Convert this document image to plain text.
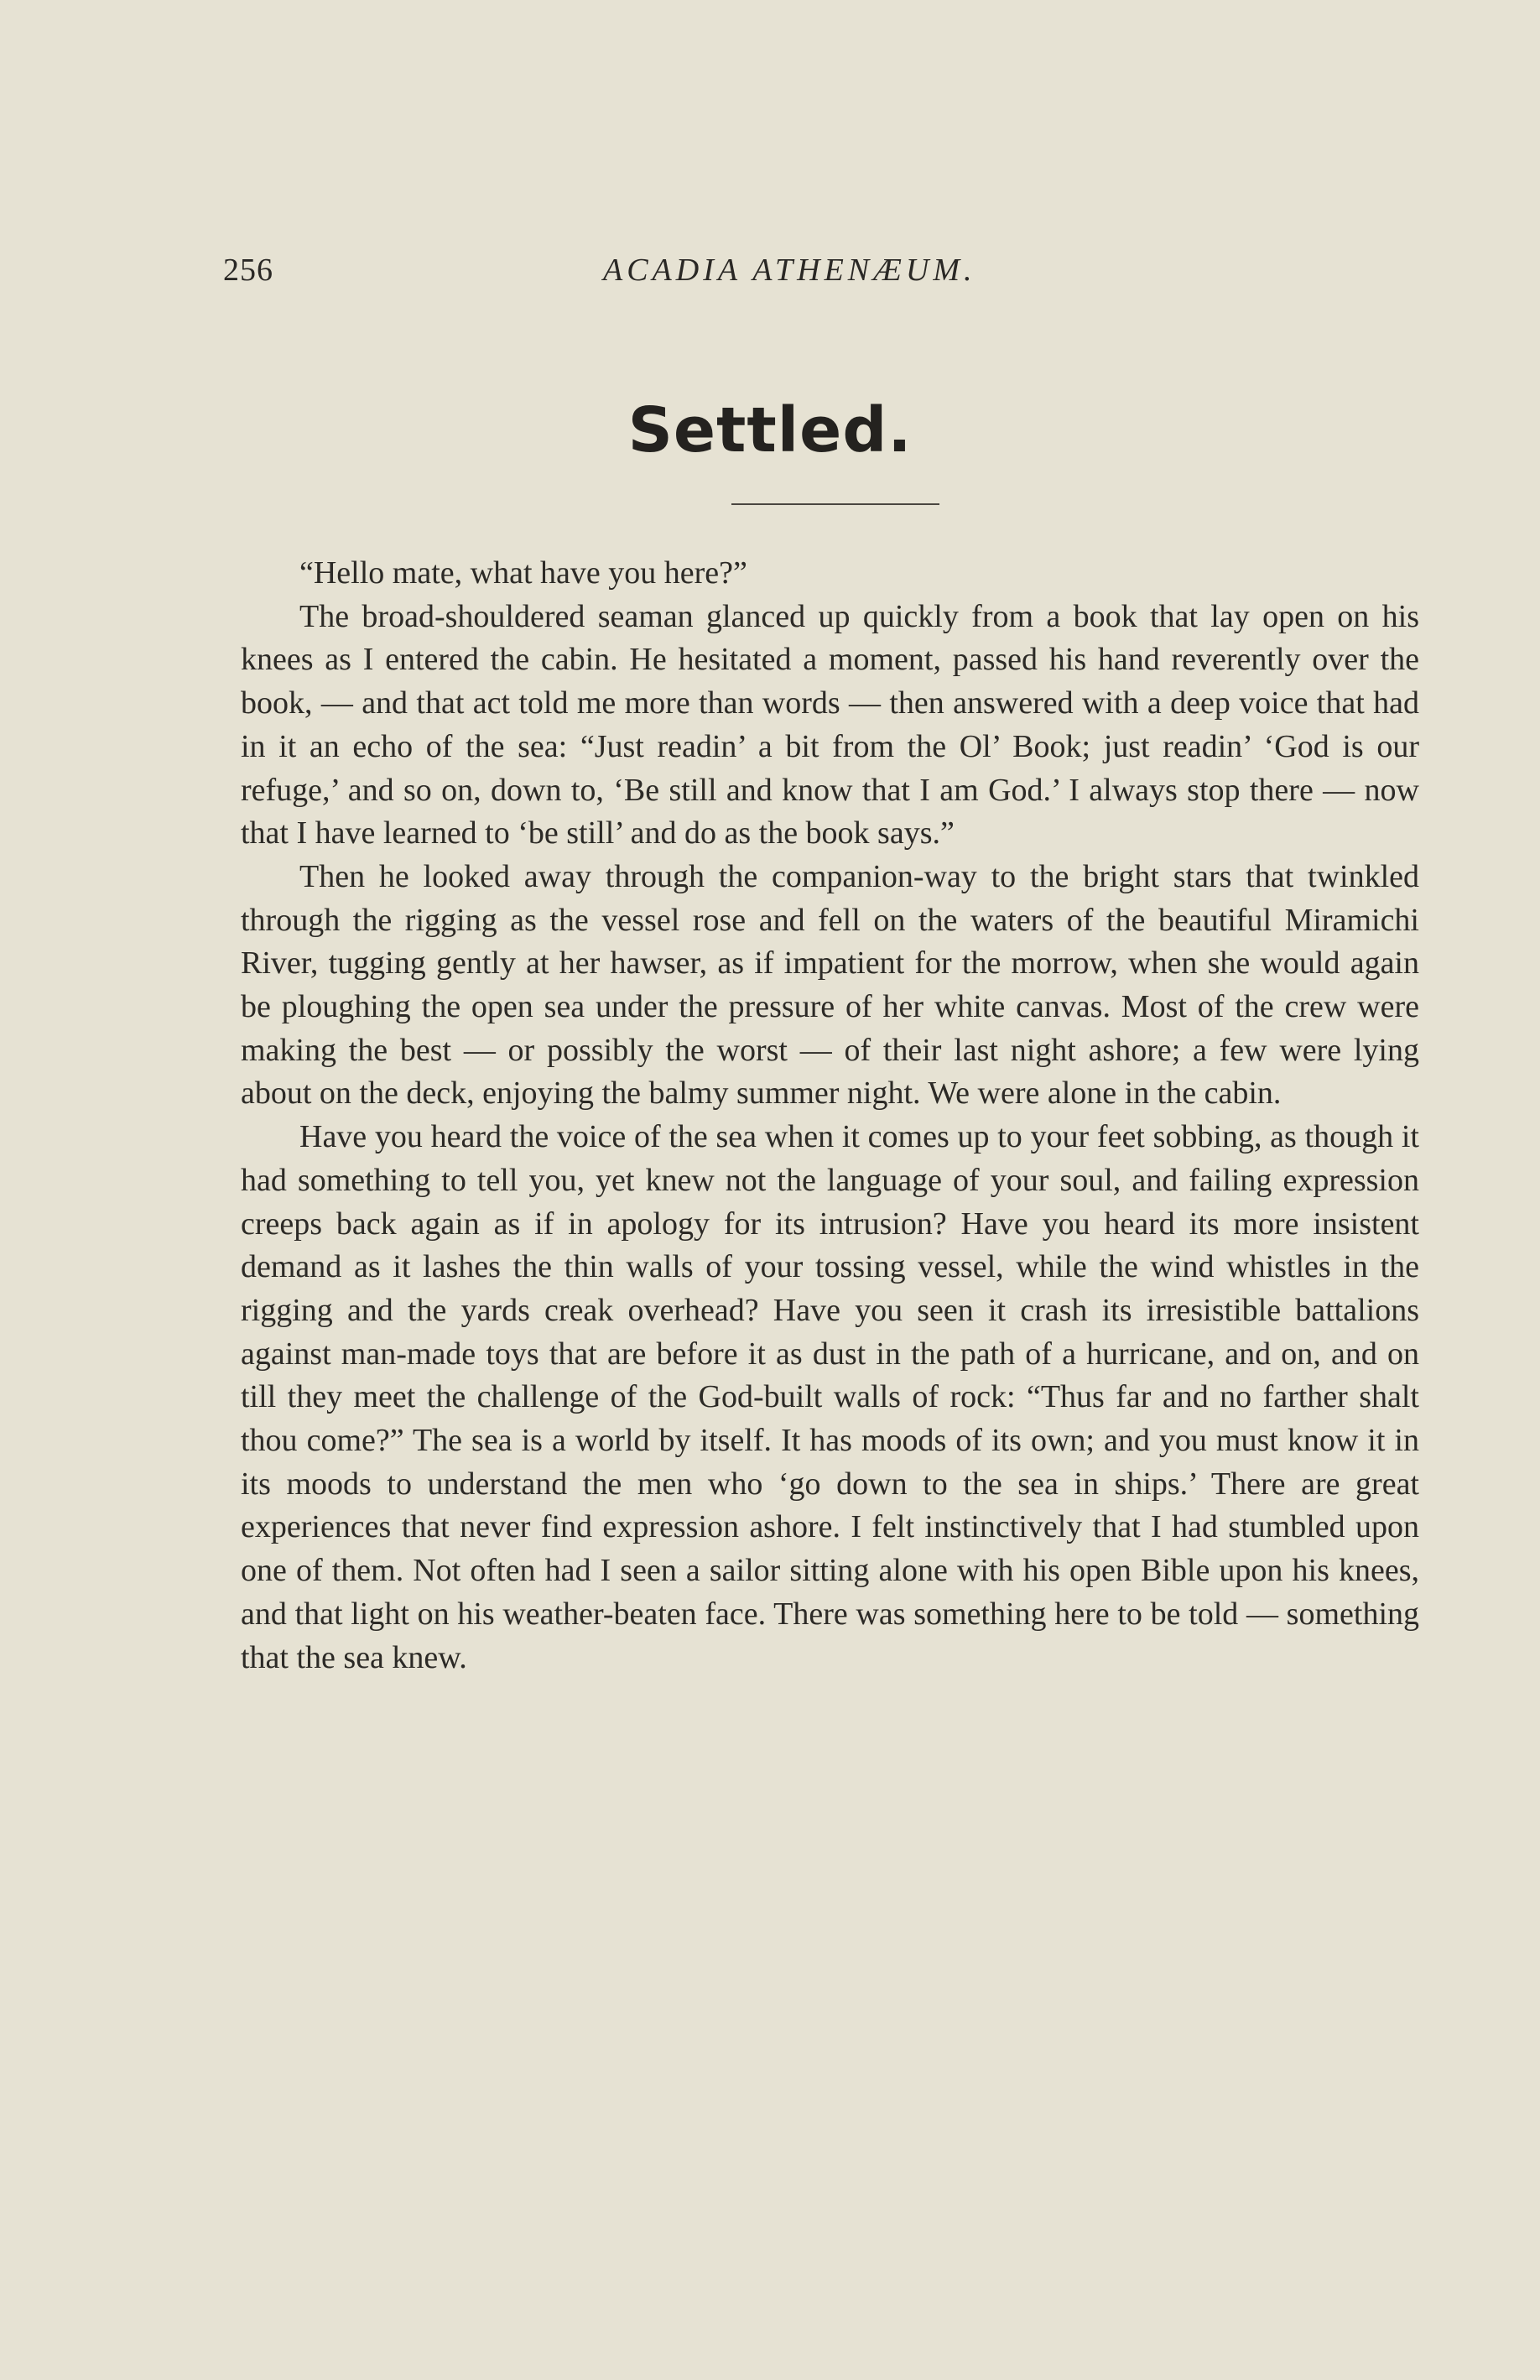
256	ACADIA ATHENÆUM.
Settled.

“Hello mate, what have you here?”

The broad-shouldered seaman glanced up quickly from a book that lay open on his knees as I entered the cabin. He hesitated a moment, passed his hand reverently over the book, — and that act told me more than words — then answered with a deep voice that had in it an echo of the sea: “Just readin’ a bit from the Ol’ Book; just readin’ ‘God is our refuge,’ and so on, down to, ‘Be still and know that I am God.’ I always stop there — now that I have learned to ‘be still’ and do as the book says.”

Then he looked away through the companion-way to the bright stars that twinkled through the rigging as the vessel rose and fell on the waters of the beautiful Miramichi River, tugging gently at her hawser, as if impatient for the morrow, when she would again be ploughing the open sea under the pressure of her white canvas. Most of the crew were making the best — or possibly the worst — of their last night ashore; a few were lying about on the deck, enjoying the balmy summer night. We were alone in the cabin.

Have you heard the voice of the sea when it comes up to your feet sobbing, as though it had something to tell you, yet knew not the language of your soul, and failing expression creeps back again as if in apology for its intrusion? Have you heard its more insistent demand as it lashes the thin walls of your tossing vessel, while the wind whistles in the rigging and the yards creak overhead? Have you seen it crash its irresistible battalions against man-made toys that are before it as dust in the path of a hurricane, and on, and on till they meet the challenge of the God-built walls of rock: “Thus far and no farther shalt thou come?” The sea is a world by itself. It has moods of its own; and you must know it in its moods to understand the men who ‘go down to the sea in ships.’ There are great experiences that never find expression ashore. I felt instinctively that I had stumbled upon one of them. Not often had I seen a sailor sitting alone with his open Bible upon his knees, and that light on his weather-beaten face. There was something here to be told — something that the sea knew.
